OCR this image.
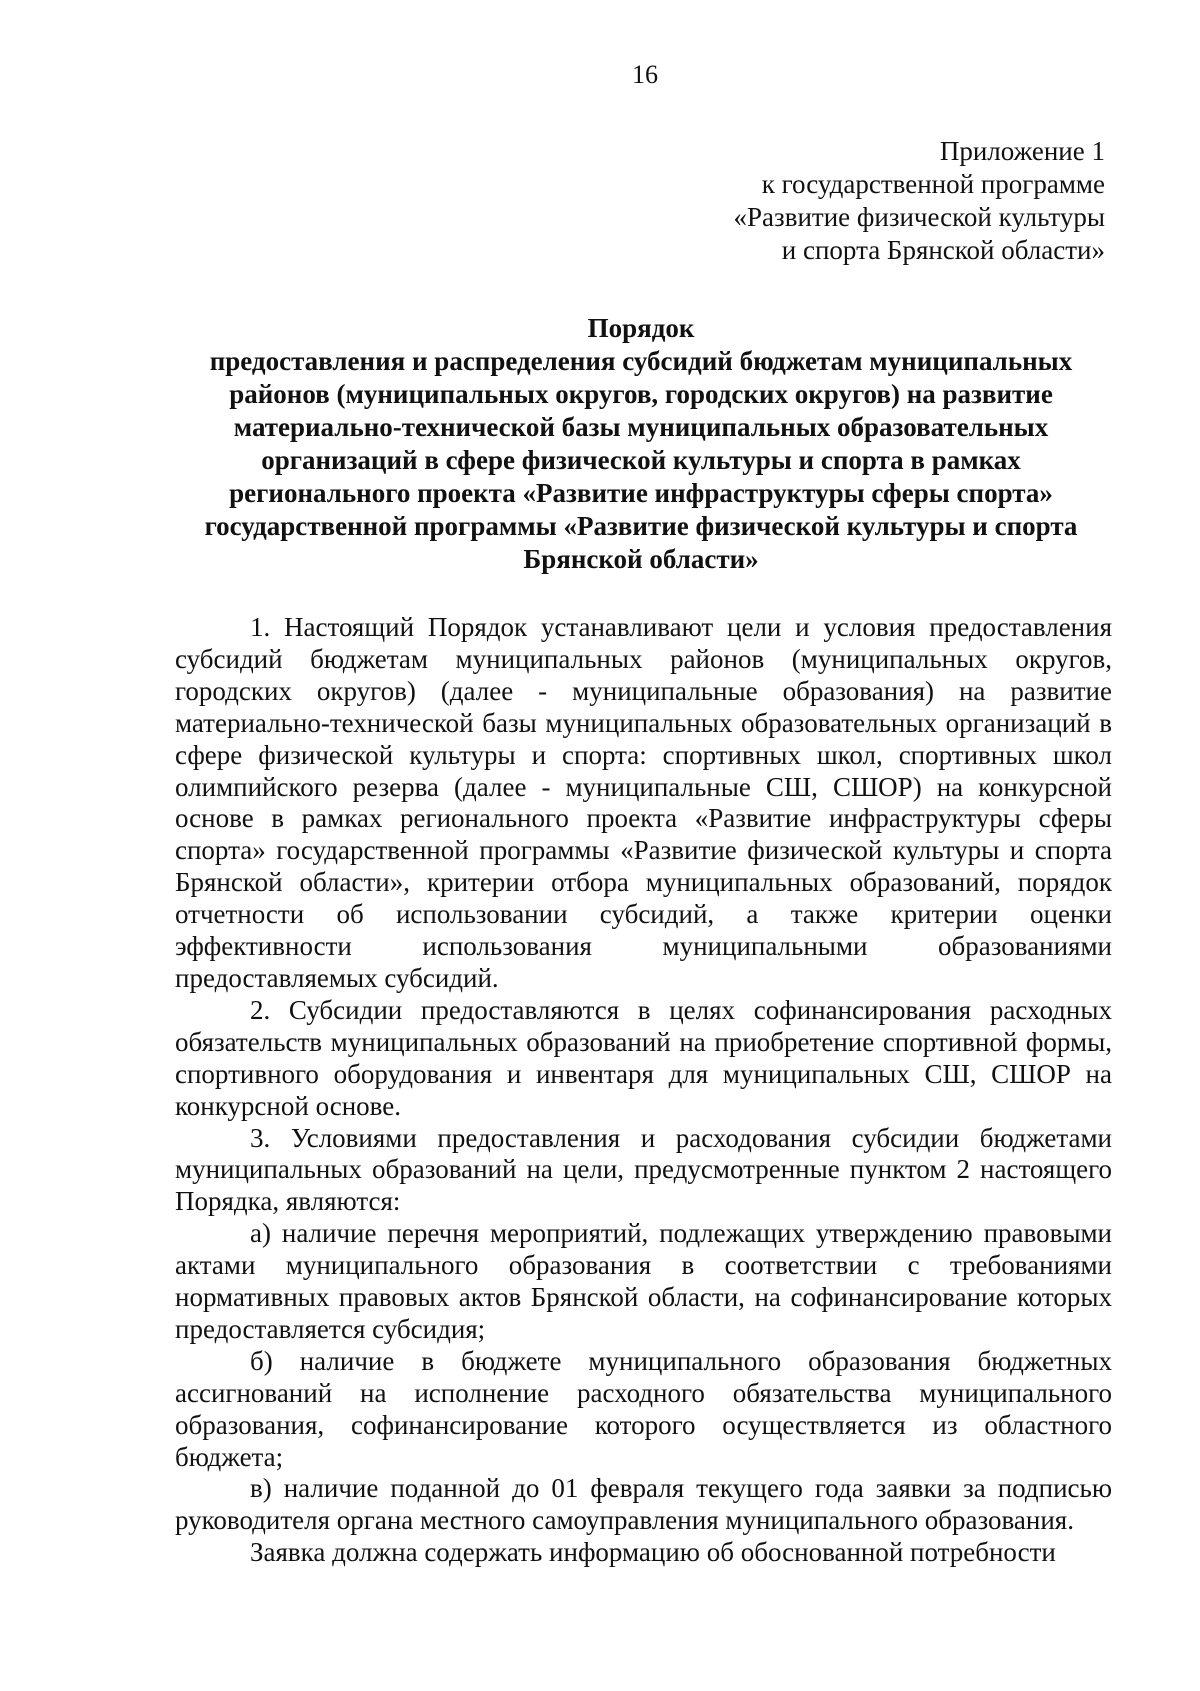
16
Приложение 1
к государственной программе
«Развитие физической культуры
и спорта Брянской области»
Порядок
предоставления и распределения субсидий бюджетам муниципальных
районов (муниципальных округов, городских округов) на развитие
материально-технической базы муниципальных образовательных
организаций в сфере физической культуры и спорта в рамках
регионального проекта «Развитие инфраструктуры сферы спорта»
государственной программы «Развитие физической культуры и спорта
Брянской области»

1. Настоящий Порядок устанавливают цели и условия предоставления субсидий бюджетам муниципальных районов (муниципальных округов, городских округов) (далее - муниципальные образования) на развитие материально-технической базы муниципальных образовательных организаций в сфере физической культуры и спорта: спортивных школ, спортивных школ олимпийского резерва (далее - муниципальные СШ, СШОР) на конкурсной основе в рамках регионального проекта «Развитие инфраструктуры сферы спорта» государственной программы «Развитие физической культуры и спорта Брянской области», критерии отбора муниципальных образований, порядок отчетности об использовании субсидий, а также критерии оценки эффективности использования муниципальными образованиями предоставляемых субсидий.

2. Субсидии предоставляются в целях софинансирования расходных обязательств муниципальных образований на приобретение спортивной формы, спортивного оборудования и инвентаря для муниципальных СШ, СШОР на конкурсной основе.

3. Условиями предоставления и расходования субсидии бюджетами муниципальных образований на цели, предусмотренные пунктом 2 настоящего Порядка, являются:

а) наличие перечня мероприятий, подлежащих утверждению правовыми актами муниципального образования в соответствии с требованиями нормативных правовых актов Брянской области, на софинансирование которых предоставляется субсидия;

б) наличие в бюджете муниципального образования бюджетных ассигнований на исполнение расходного обязательства муниципального образования, софинансирование которого осуществляется из областного бюджета;

в) наличие поданной до 01 февраля текущего года заявки за подписью руководителя органа местного самоуправления муниципального образования.

Заявка должна содержать информацию об обоснованной потребности
